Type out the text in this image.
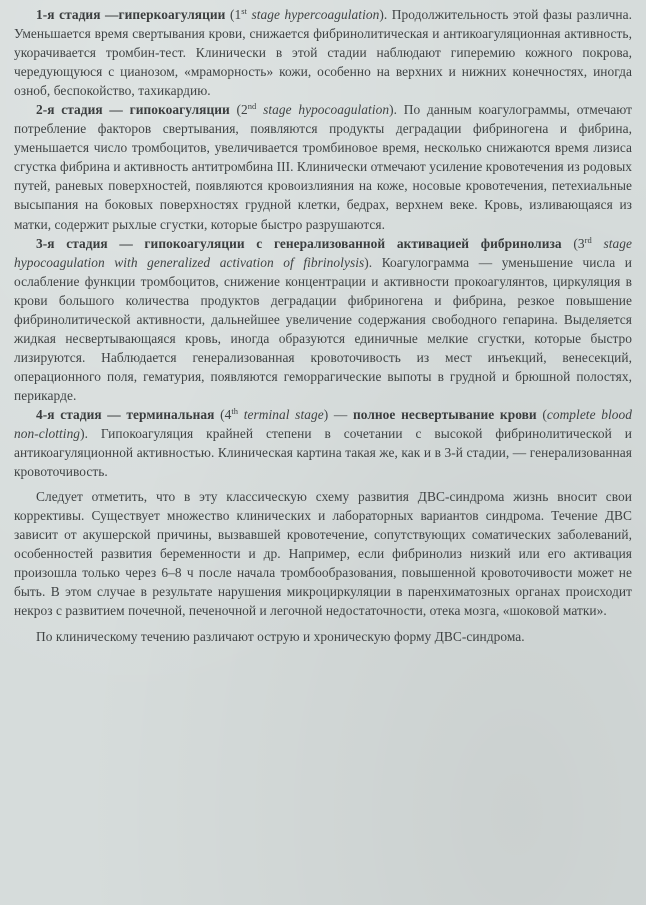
1-я стадия —гиперкоагуляции (1st stage hypercoagulation). Продолжительность этой фазы различна. Уменьшается время свертывания крови, снижается фибринолитическая и антикоагуляционная активность, укорачивается тромбин-тест. Клинически в этой стадии наблюдают гиперемию кожного покрова, чередующуюся с цианозом, «мраморность» кожи, особенно на верхних и нижних конечностях, иногда озноб, беспокойство, тахикардию.

2-я стадия — гипокоагуляции (2nd stage hypocoagulation). По данным коагулограммы, отмечают потребление факторов свертывания, появляются продукты деградации фибриногена и фибрина, уменьшается число тромбоцитов, увеличивается тромбиновое время, несколько снижаются время лизиса сгустка фибрина и активность антитромбина III. Клинически отмечают усиление кровотечения из родовых путей, раневых поверхностей, появляются кровоизлияния на коже, носовые кровотечения, петехиальные высыпания на боковых поверхностях грудной клетки, бедрах, верхнем веке. Кровь, изливающаяся из матки, содержит рыхлые сгустки, которые быстро разрушаются.

3-я стадия — гипокоагуляции с генерализованной активацией фибринолиза (3rd stage hypocoagulation with generalized activation of fibrinolysis). Коагулограмма — уменьшение числа и ослабление функции тромбоцитов, снижение концентрации и активности прокоагулянтов, циркуляция в крови большого количества продуктов деградации фибриногена и фибрина, резкое повышение фибринолитической активности, дальнейшее увеличение содержания свободного гепарина. Выделяется жидкая несвертывающаяся кровь, иногда образуются единичные мелкие сгустки, которые быстро лизируются. Наблюдается генерализованная кровоточивость из мест инъекций, венесекций, операционного поля, гематурия, появляются геморрагические выпоты в грудной и брюшной полостях, перикарде.

4-я стадия — терминальная (4th terminal stage) — полное несвертывание крови (complete blood non-clotting). Гипокоагуляция крайней степени в сочетании с высокой фибринолитической и антикоагуляционной активностью. Клиническая картина такая же, как и в 3-й стадии, — генерализованная кровоточивость.

Следует отметить, что в эту классическую схему развития ДВС-синдрома жизнь вносит свои коррективы. Существует множество клинических и лабораторных вариантов синдрома. Течение ДВС зависит от акушерской причины, вызвавшей кровотечение, сопутствующих соматических заболеваний, особенностей развития беременности и др. Например, если фибринолиз низкий или его активация произошла только через 6–8 ч после начала тромбообразования, повышенной кровоточивости может не быть. В этом случае в результате нарушения микроциркуляции в паренхиматозных органах происходит некроз с развитием почечной, печеночной и легочной недостаточности, отека мозга, «шоковой матки».

По клиническому течению различают острую и хроническую форму ДВС-синдрома.
